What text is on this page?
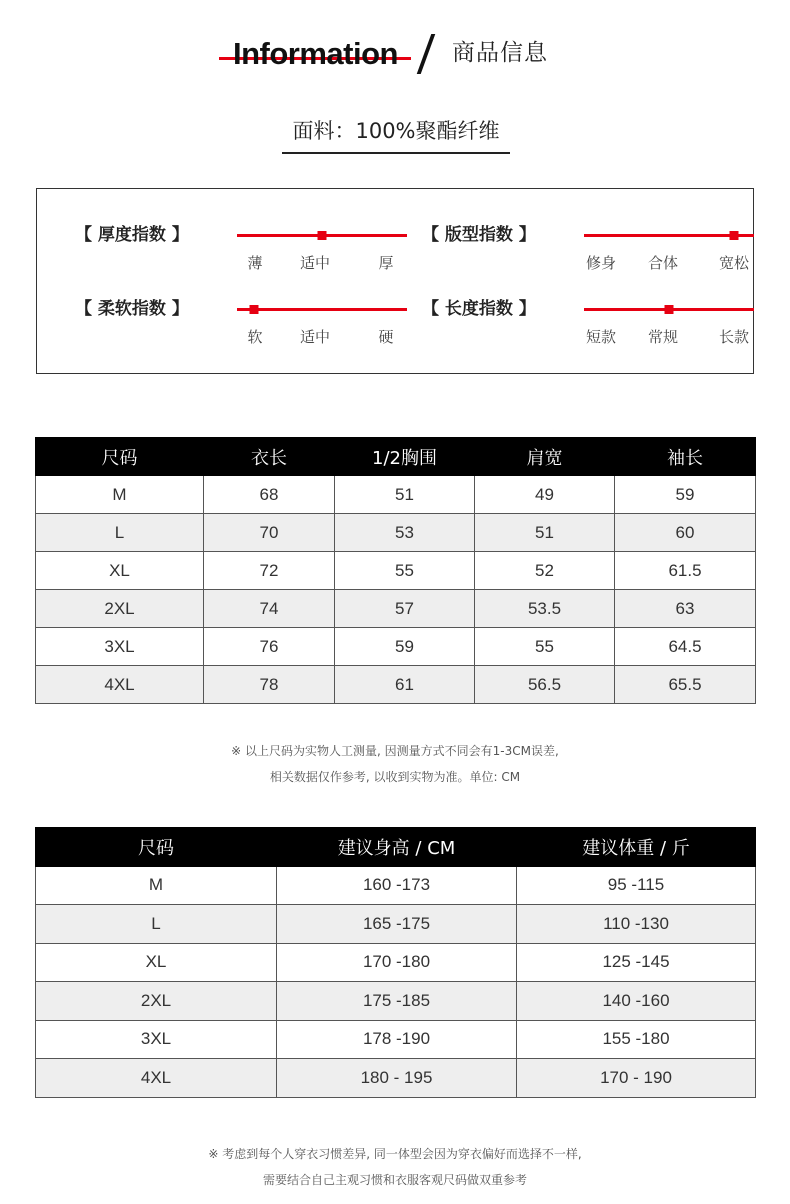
Information 商品信息
面料：100%聚酯纤维
【 厚度指数 】
薄 适中	厚
【 版型指数 】
修身 合体	宽松
【 柔软指数 】
软 适中	硬
【 长度指数 】
短款 常规	长款
尺码	衣长	1/2胸围	肩宽	袖长
M	68	51	49	59
L	70	53	51	60
XL	72	55	52	61.5
2XL	74	57	53.5	63
3XL	76	59	55	64.5
4XL	78	61	56.5	65.5
※ 以上尺码为实物人工测量, 因测量方式不同会有1-3CM误差,
相关数据仅作参考, 以收到实物为准。单位: CM
尺码	建议身高 / CM	建议体重 / 斤
M	160 -173	95 -115
L	165 -175	110 -130
XL	170 -180	125 -145
2XL	175 -185	140 -160
3XL	178 -190	155 -180
4XL	180 - 195	170 - 190
※ 考虑到每个人穿衣习惯差异, 同一体型会因为穿衣偏好而选择不一样,
需要结合自己主观习惯和衣服客观尺码做双重参考
